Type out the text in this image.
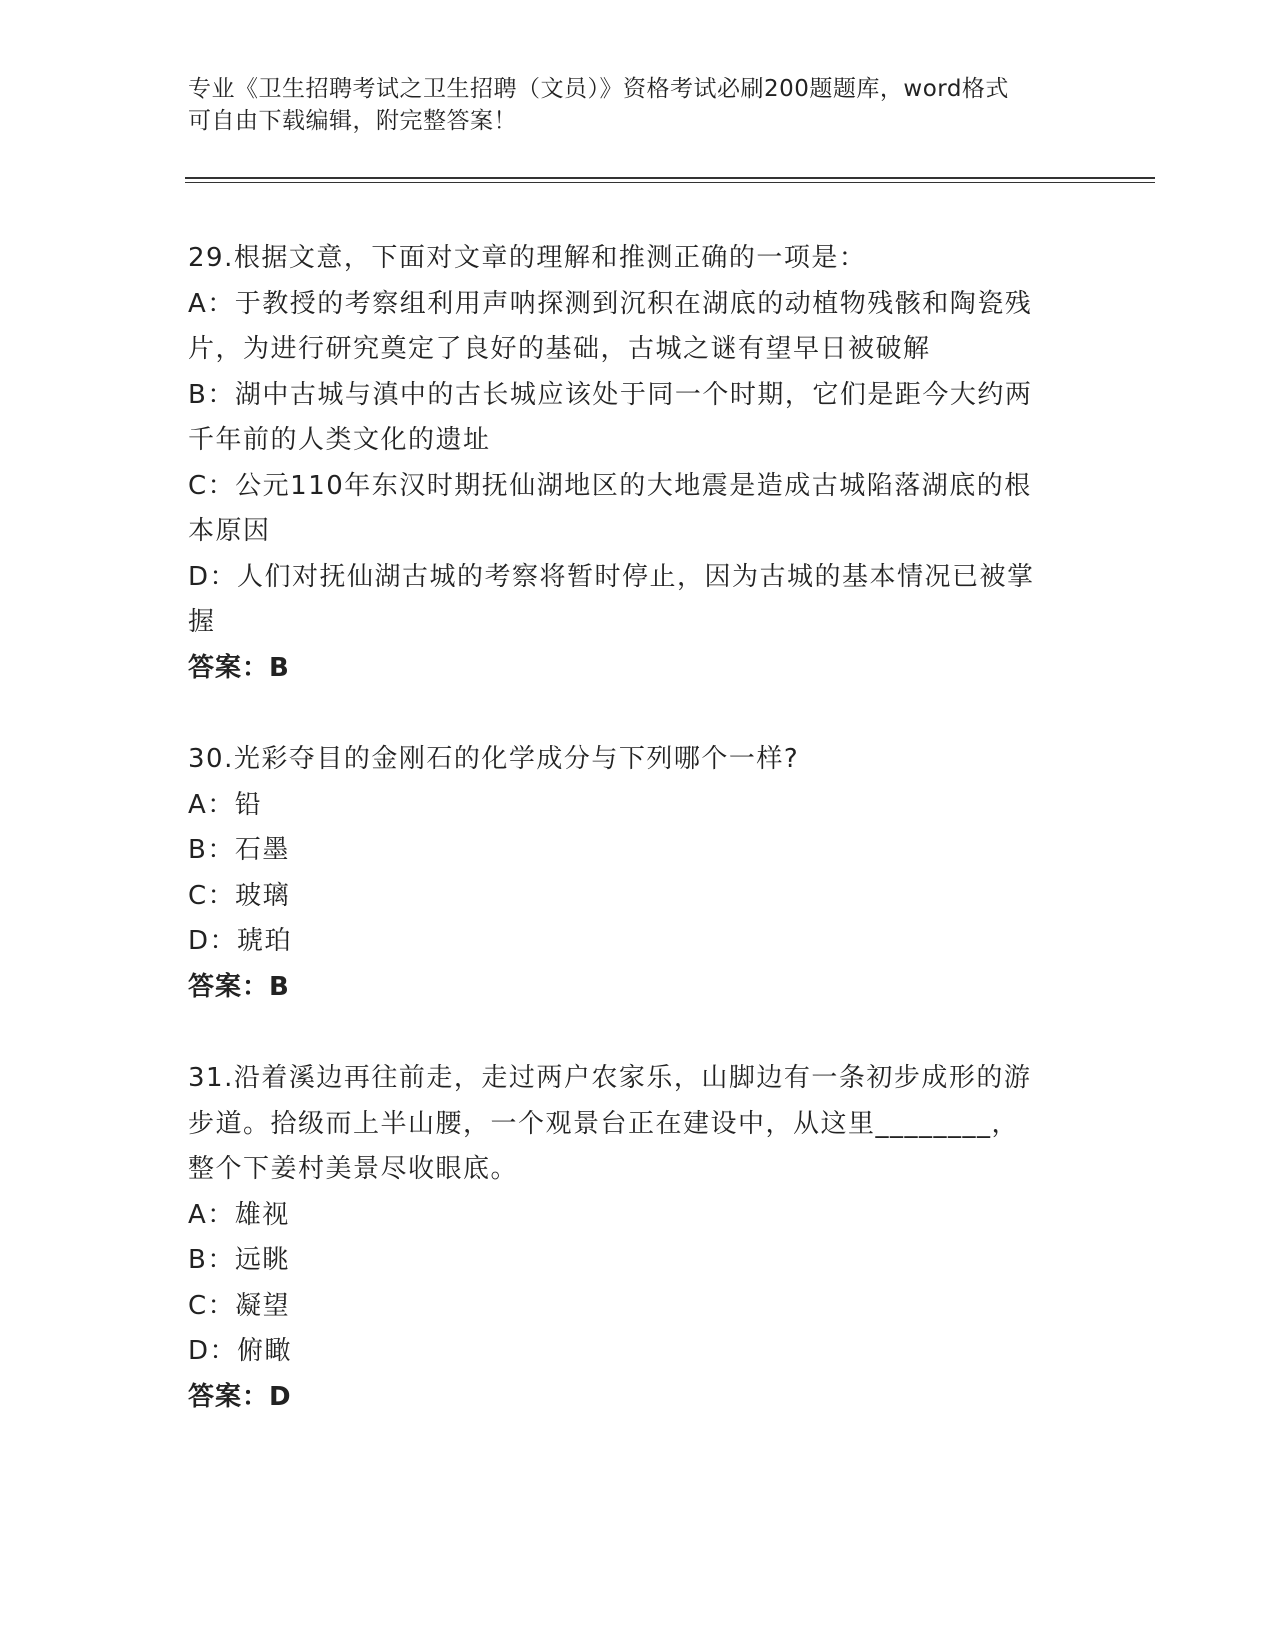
专业《卫生招聘考试之卫生招聘（文员）》资格考试必刷200题题库，word格式
可自由下载编辑，附完整答案！
29.根据文意，下面对文章的理解和推测正确的一项是：
A：于教授的考察组利用声呐探测到沉积在湖底的动植物残骸和陶瓷残
片，为进行研究奠定了良好的基础，古城之谜有望早日被破解
B：湖中古城与滇中的古长城应该处于同一个时期，它们是距今大约两
千年前的人类文化的遗址
C：公元110年东汉时期抚仙湖地区的大地震是造成古城陷落湖底的根
本原因
D：人们对抚仙湖古城的考察将暂时停止，因为古城的基本情况已被掌
握
答案：B
30.光彩夺目的金刚石的化学成分与下列哪个一样?
A：铅
B：石墨
C：玻璃
D：琥珀
答案：B
31.沿着溪边再往前走，走过两户农家乐，山脚边有一条初步成形的游
步道。拾级而上半山腰，一个观景台正在建设中，从这里________，
整个下姜村美景尽收眼底。
A：雄视
B：远眺
C：凝望
D：俯瞰
答案：D
